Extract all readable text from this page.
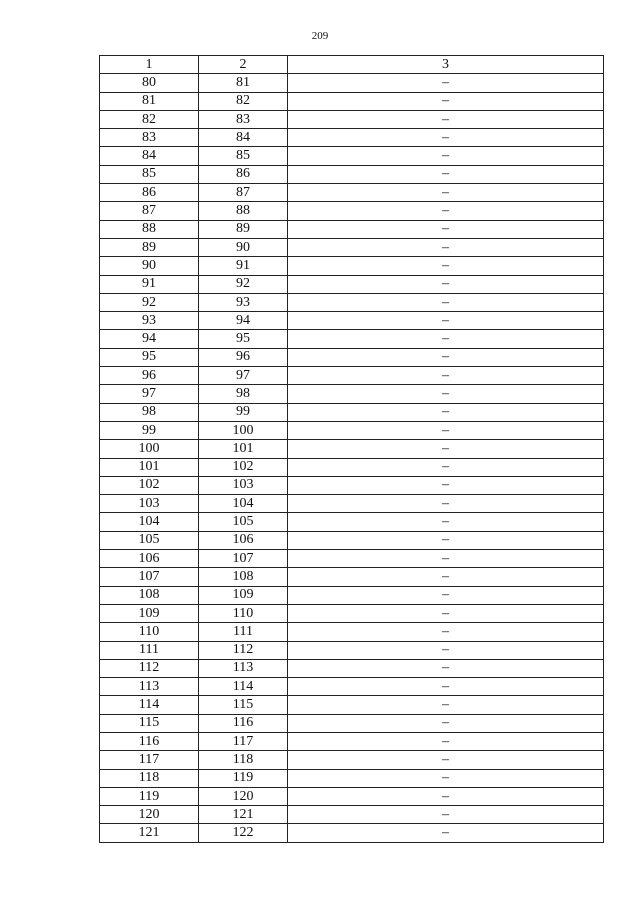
209
1	2	3
80	81	–
81	82	–
82	83	–
83	84	–
84	85	–
85	86	–
86	87	–
87	88	–
88	89	–
89	90	–
90	91	–
91	92	–
92	93	–
93	94	–
94	95	–
95	96	–
96	97	–
97	98	–
98	99	–
99	100	–
100	101	–
101	102	–
102	103	–
103	104	–
104	105	–
105	106	–
106	107	–
107	108	–
108	109	–
109	110	–
110	111	–
111	112	–
112	113	–
113	114	–
114	115	–
115	116	–
116	117	–
117	118	–
118	119	–
119	120	–
120	121	–
121	122	–
